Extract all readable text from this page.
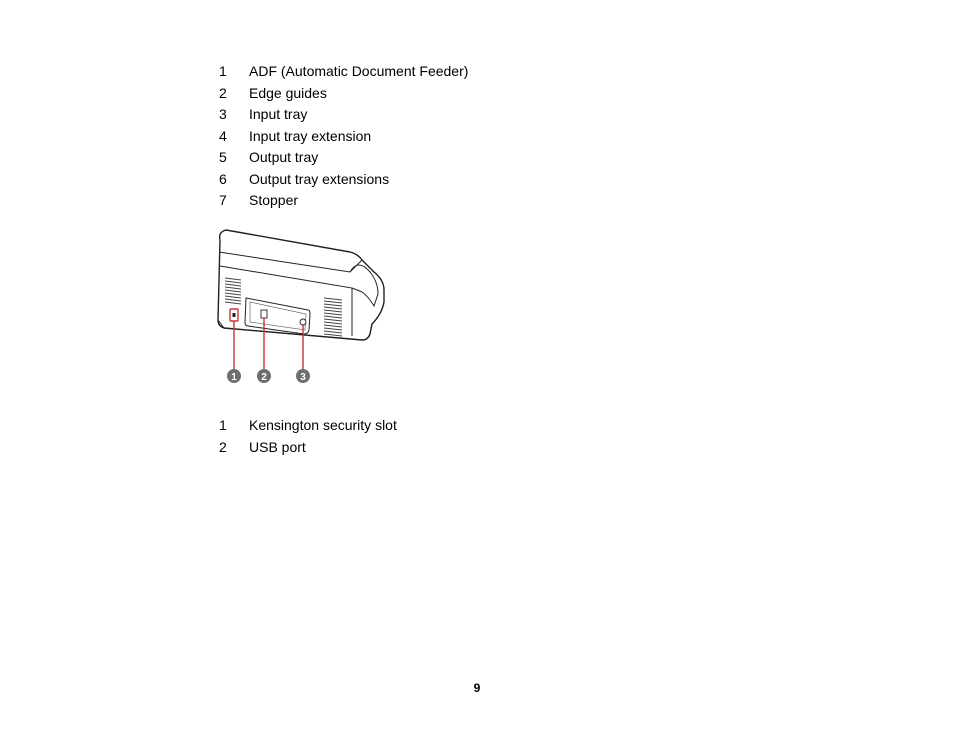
1 ADF (Automatic Document Feeder)
2 Edge guides
3 Input tray
4 Input tray extension
5 Output tray
6 Output tray extensions
7 Stopper
1 2	3
1 Kensington security slot
2 USB port
9
